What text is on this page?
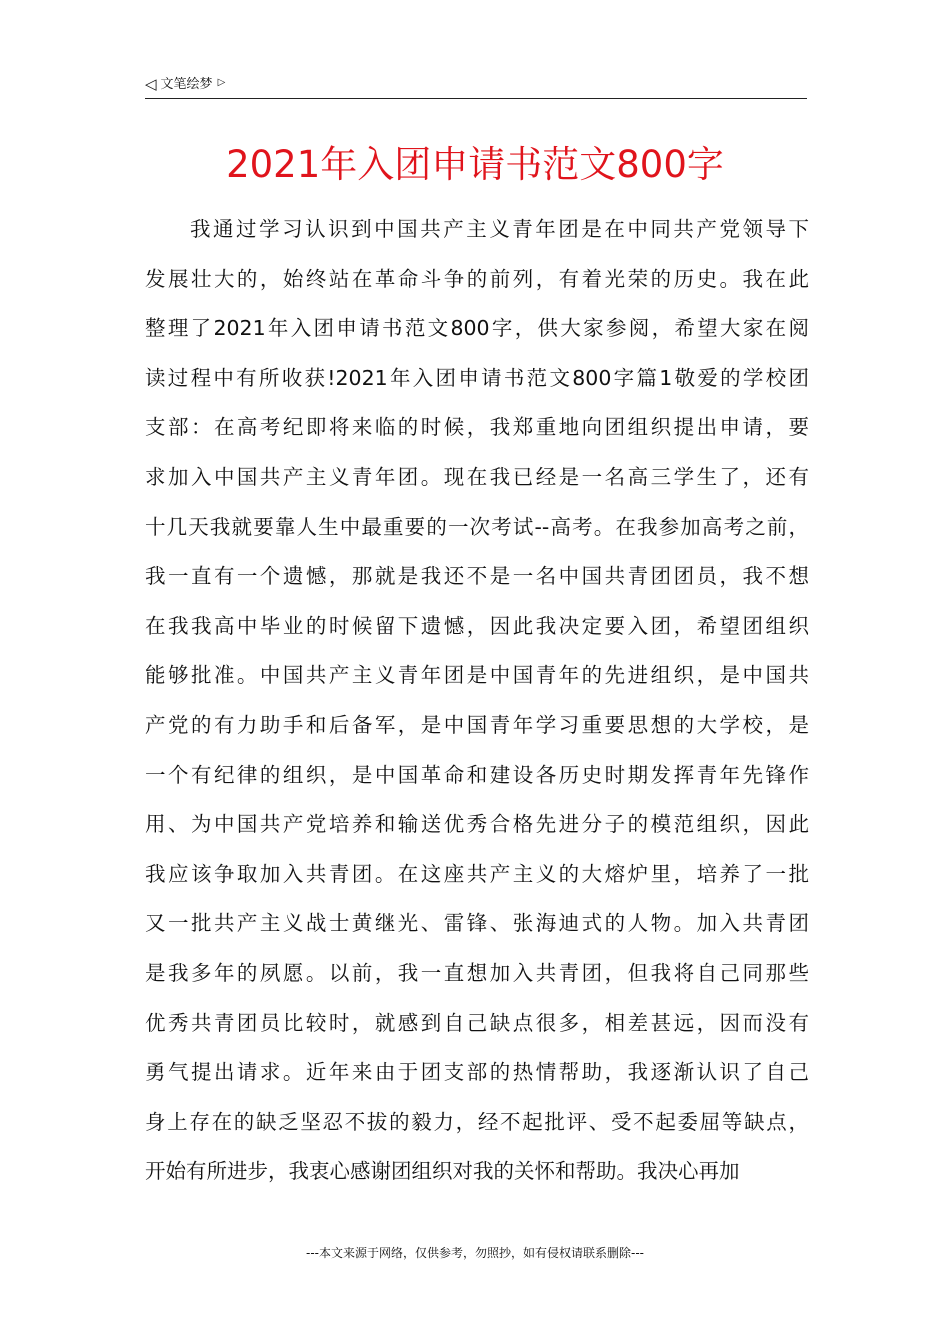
◁ 文笔绘梦 ▷
2021年入团申请书范文800字
我通过学习认识到中国共产主义青年团是在中同共产党领导下
发展壮大的，始终站在革命斗争的前列，有着光荣的历史。我在此
整理了2021年入团申请书范文800字，供大家参阅，希望大家在阅
读过程中有所收获!2021年入团申请书范文800字篇1敬爱的学校团
支部：在高考纪即将来临的时候，我郑重地向团组织提出申请，要
求加入中国共产主义青年团。现在我已经是一名高三学生了，还有
十几天我就要靠人生中最重要的一次考试--高考。在我参加高考之前，
我一直有一个遗憾，那就是我还不是一名中国共青团团员，我不想
在我我高中毕业的时候留下遗憾，因此我决定要入团，希望团组织
能够批准。中国共产主义青年团是中国青年的先进组织，是中国共
产党的有力助手和后备军，是中国青年学习重要思想的大学校，是
一个有纪律的组织，是中国革命和建设各历史时期发挥青年先锋作
用、为中国共产党培养和输送优秀合格先进分子的模范组织，因此
我应该争取加入共青团。在这座共产主义的大熔炉里，培养了一批
又一批共产主义战士黄继光、雷锋、张海迪式的人物。加入共青团
是我多年的夙愿。以前，我一直想加入共青团，但我将自己同那些
优秀共青团员比较时，就感到自己缺点很多，相差甚远，因而没有
勇气提出请求。近年来由于团支部的热情帮助，我逐渐认识了自己
身上存在的缺乏坚忍不拔的毅力，经不起批评、受不起委屈等缺点，
开始有所进步，我衷心感谢团组织对我的关怀和帮助。我决心再加
---本文来源于网络，仅供参考，勿照抄，如有侵权请联系删除---
